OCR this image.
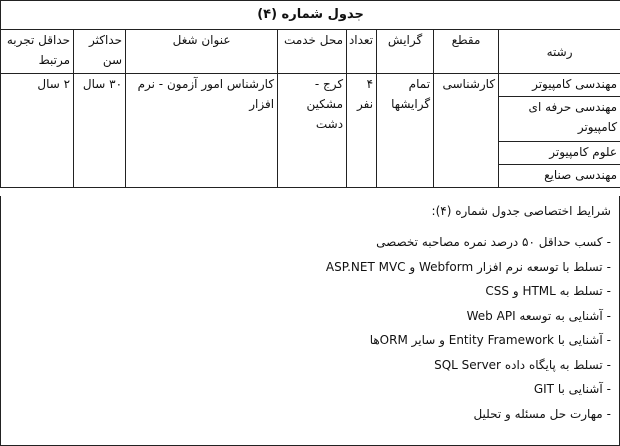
جدول شماره (۴)							
رشته	مقطع	گرایش	تعداد	محل خدمت	عنوان شغل	حداکثر سن	حداقل تجربه مرتبط
مهندسی کامپیوتر	کارشناسی	تمام گرایشها	۴ نفر	کرج - مشکین دشت	کارشناس امور آزمون - نرم افزار	۳۰ سال	۲ سال
مهندسی حرفه ای کامپیوتر							
علوم کامپیوتر							
مهندسی صنایع							
شرایط اختصاصی جدول شماره (۴):
-کسب حداقل ۵۰ درصد نمره مصاحبه تخصصی
-تسلط با توسعه نرم افزار Webform و ASP.NET MVC
-تسلط به HTML و CSS
-آشنایی به توسعه Web API
-آشنایی با Entity Framework و سایر ORMها
-تسلط به پایگاه داده SQL Server
-آشنایی با GIT
-مهارت حل مسئله و تحلیل
